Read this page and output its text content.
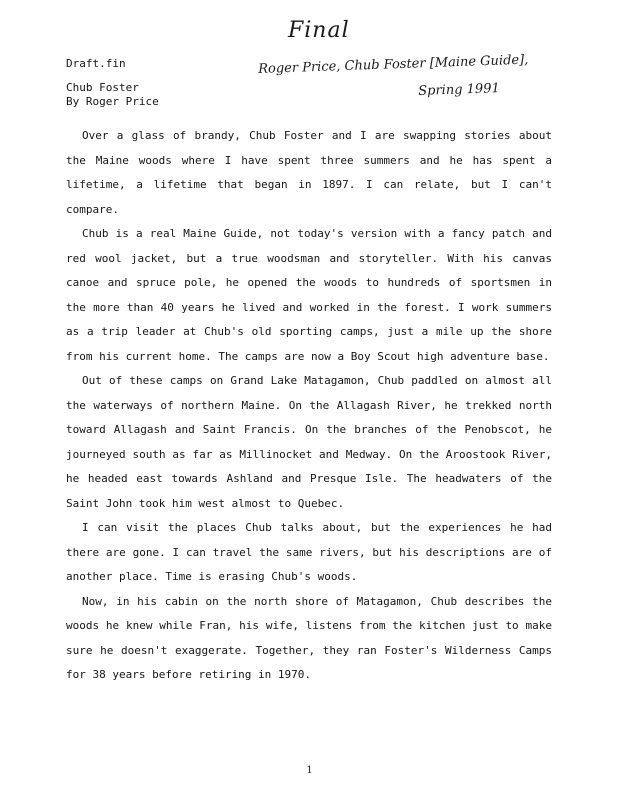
Final
Roger Price, Chub Foster [Maine Guide],
Spring 1991
Draft.fin
Chub Foster
By Roger Price

Over a glass of brandy, Chub Foster and I are swapping stories about the Maine woods where I have spent three summers and he has spent a lifetime, a lifetime that began in 1897. I can relate, but I can't compare.

Chub is a real Maine Guide, not today's version with a fancy patch and red wool jacket, but a true woodsman and storyteller. With his canvas canoe and spruce pole, he opened the woods to hundreds of sportsmen in the more than 40 years he lived and worked in the forest. I work summers as a trip leader at Chub's old sporting camps, just a mile up the shore from his current home. The camps are now a Boy Scout high adventure base.

Out of these camps on Grand Lake Matagamon, Chub paddled on almost all the waterways of northern Maine. On the Allagash River, he trekked north toward Allagash and Saint Francis. On the branches of the Penobscot, he journeyed south as far as Millinocket and Medway. On the Aroostook River, he headed east towards Ashland and Presque Isle. The headwaters of the Saint John took him west almost to Quebec.

I can visit the places Chub talks about, but the experiences he had there are gone. I can travel the same rivers, but his descriptions are of another place. Time is erasing Chub's woods.

Now, in his cabin on the north shore of Matagamon, Chub describes the woods he knew while Fran, his wife, listens from the kitchen just to make sure he doesn't exaggerate. Together, they ran Foster's Wilderness Camps for 38 years before retiring in 1970.

1
